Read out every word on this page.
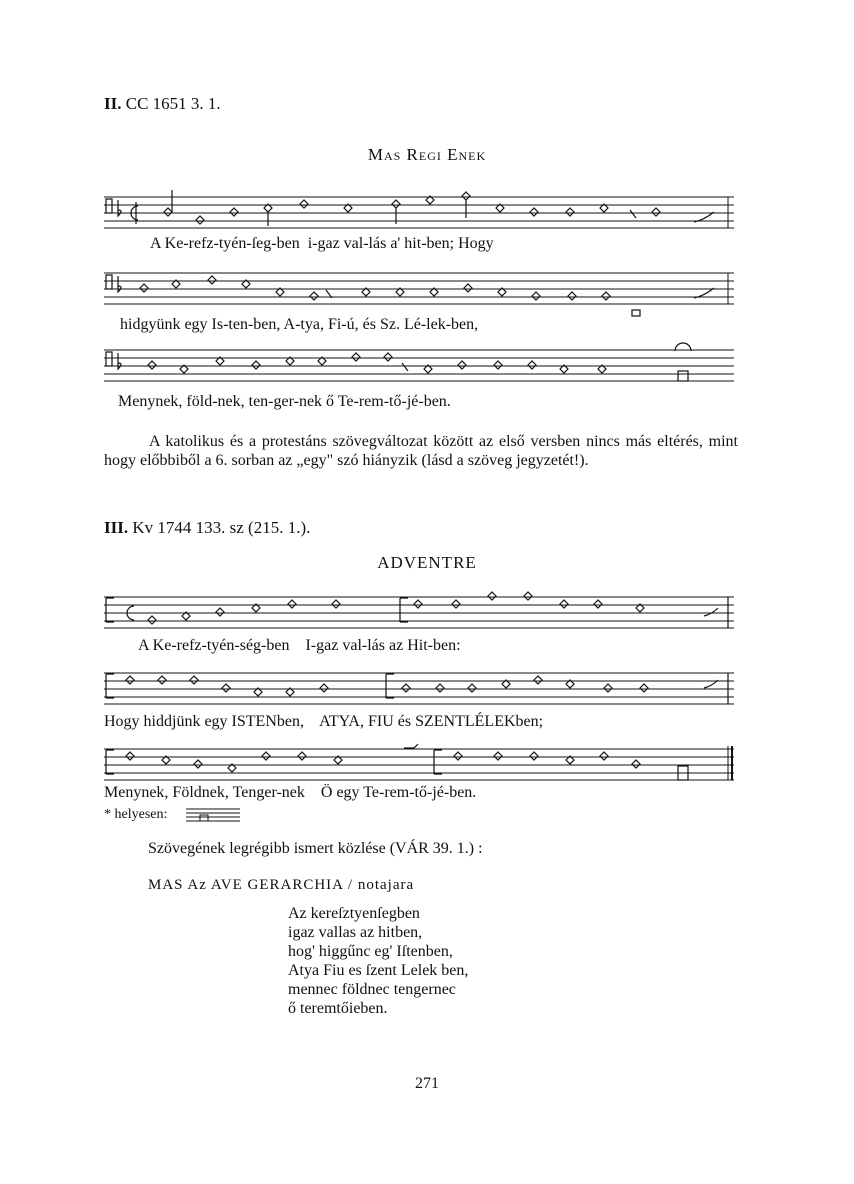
II. CC 1651 3. 1.
Mas Regi Enek
A Ke-refz-tyén-ſeg-ben  i-gaz val-lás a' hit-ben; Hogy
hidgyünk egy Is-ten-ben, A-tya, Fi-ú, és Sz. Lé-lek-ben,
Menynek, föld-nek, ten-ger-nek ő Te-rem-tő-jé-ben.

A katolikus és a protestáns szövegváltozat között az első versben nincs más eltérés, mint hogy előbbiből a 6. sorban az „egy" szó hiányzik (lásd a szöveg jegyzetét!).

III. Kv 1744 133. sz (215. 1.).
ADVENTRE
A Ke-refz-tyén-ség-ben    I-gaz val-lás az Hit-ben:
Hogy hiddjünk egy ISTENben,    ATYA, FIU és SZENTLÉLEKben;
Menynek, Földnek, Tenger-nek    Ö egy Te-rem-tő-jé-ben.
* helyesen:
Szövegének legrégibb ismert közlése (VÁR 39. 1.) :
MAS Az AVE GERARCHIA / notajara
Az kereſztyenſegben
igaz vallas az hitben,
hog' higgűnc eg' Iſtenben,
Atya Fiu es ſzent Lelek ben,
mennec földnec tengernec
ő teremtőieben.
271
